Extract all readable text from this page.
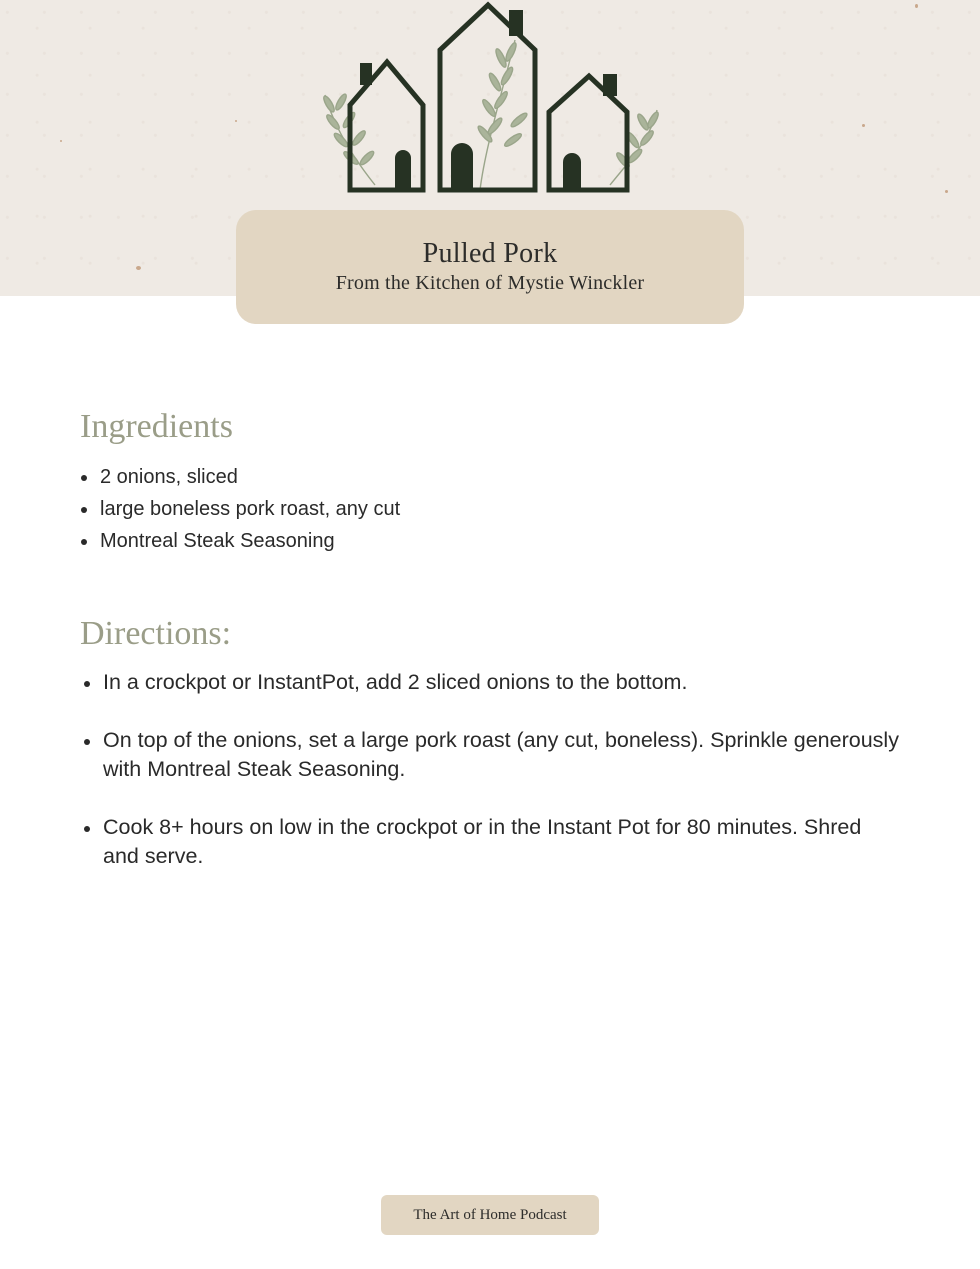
Pulled Pork
From the Kitchen of Mystie Winckler
Ingredients
2 onions, sliced
large boneless pork roast, any cut
Montreal Steak Seasoning
Directions:
In a crockpot or InstantPot, add 2 sliced onions to the bottom.
On top of the onions, set a large pork roast (any cut, boneless). Sprinkle generously with Montreal Steak Seasoning.
Cook 8+ hours on low in the crockpot or in the Instant Pot for 80 minutes. Shred and serve.
The Art of Home Podcast
